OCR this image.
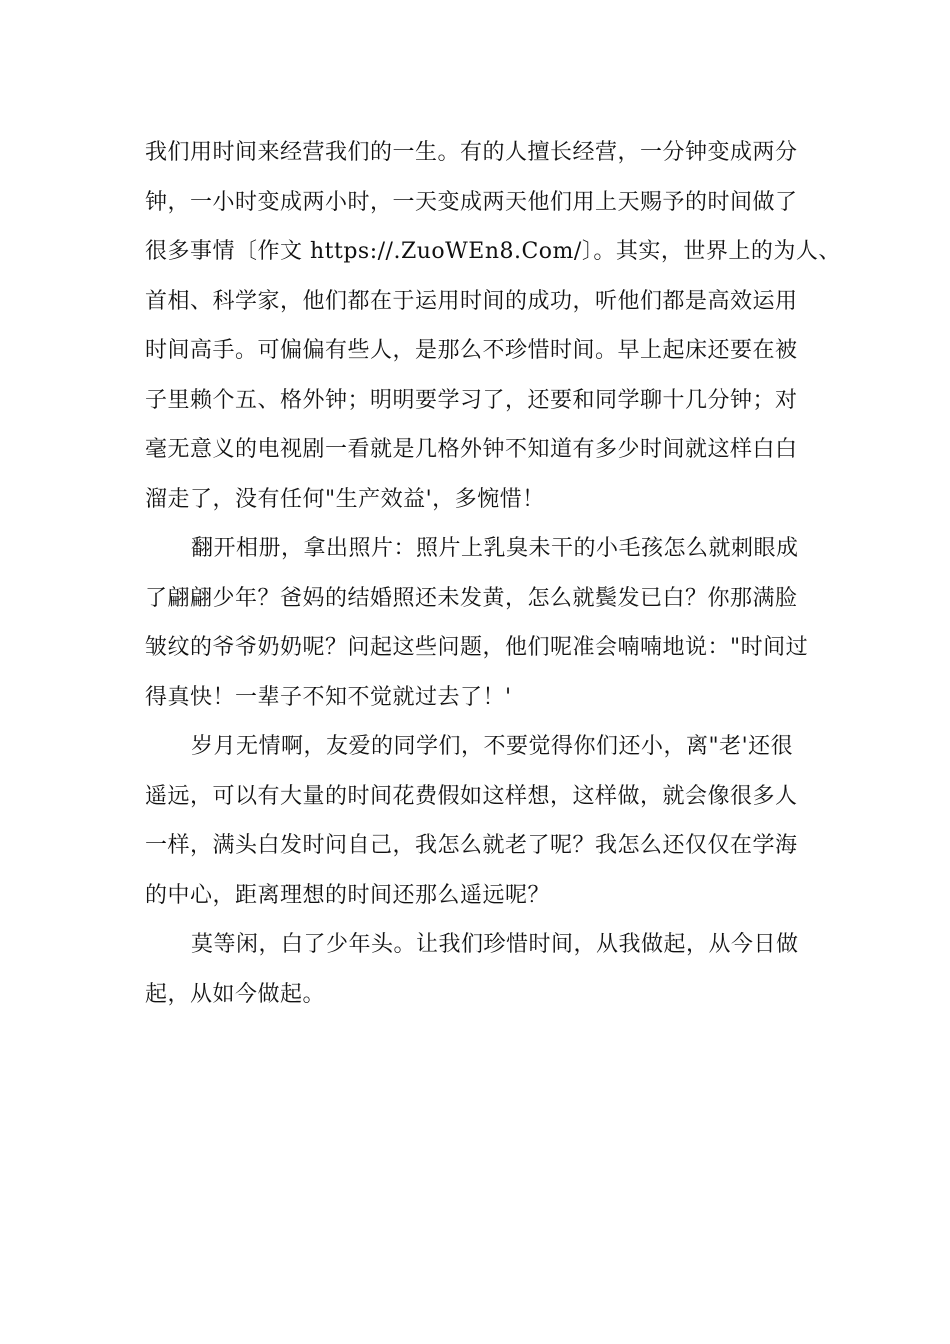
我们用时间来经营我们的一生。有的人擅长经营，一分钟变成两分
钟，一小时变成两小时，一天变成两天他们用上天赐予的时间做了
很多事情〔作文 https://.ZuoWEn8.Com/〕。其实，世界上的为人、
首相、科学家，他们都在于运用时间的成功，听他们都是高效运用
时间高手。可偏偏有些人，是那么不珍惜时间。早上起床还要在被
子里赖个五、格外钟；明明要学习了，还要和同学聊十几分钟；对
毫无意义的电视剧一看就是几格外钟不知道有多少时间就这样白白
溜走了，没有任何"生产效益'，多惋惜！
翻开相册，拿出照片：照片上乳臭未干的小毛孩怎么就刺眼成
了翩翩少年？爸妈的结婚照还未发黄，怎么就鬓发已白？你那满脸
皱纹的爷爷奶奶呢？问起这些问题，他们呢准会喃喃地说："时间过
得真快！一辈子不知不觉就过去了！'
岁月无情啊，友爱的同学们，不要觉得你们还小，离"老'还很
遥远，可以有大量的时间花费假如这样想，这样做，就会像很多人
一样，满头白发时问自己，我怎么就老了呢？我怎么还仅仅在学海
的中心，距离理想的时间还那么遥远呢？
莫等闲，白了少年头。让我们珍惜时间，从我做起，从今日做
起，从如今做起。
